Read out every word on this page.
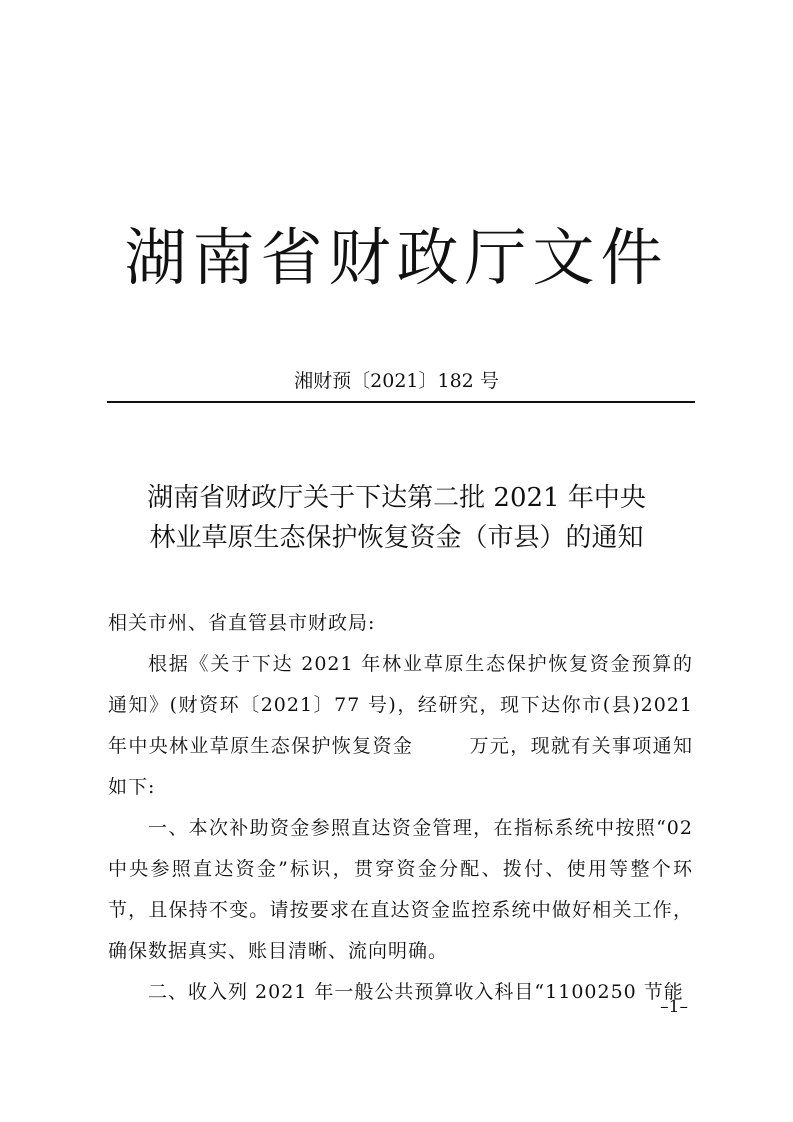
湖南省财政厅文件
湘财预〔2021〕182 号
湖南省财政厅关于下达第二批 2021 年中央
林业草原生态保护恢复资金（市县）的通知

相关市州、省直管县市财政局:

根据《关于下达 2021 年林业草原生态保护恢复资金预算的通知》(财资环〔2021〕77 号)，经研究，现下达你市(县)2021 年中央林业草原生态保护恢复资金	万元，现就有关事项通知如下:

一、本次补助资金参照直达资金管理，在指标系统中按照“02 中央参照直达资金”标识，贯穿资金分配、拨付、使用等整个环节，且保持不变。请按要求在直达资金监控系统中做好相关工作，确保数据真实、账目清晰、流向明确。

二、收入列 2021 年一般公共预算收入科目“1100250 节能

–1–
